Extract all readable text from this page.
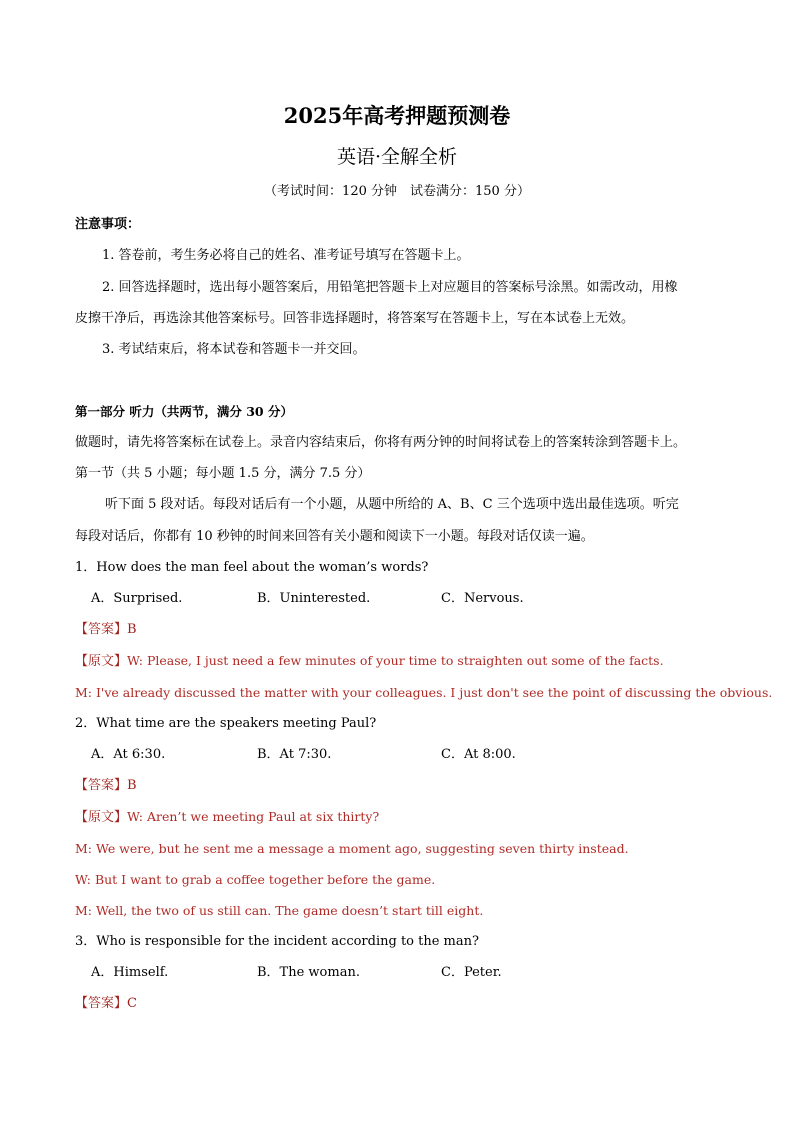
2025年高考押题预测卷
英语·全解全析
（考试时间：120 分钟　试卷满分：150 分）
注意事项：
1. 答卷前，考生务必将自己的姓名、准考证号填写在答题卡上。
2. 回答选择题时，选出每小题答案后，用铅笔把答题卡上对应题目的答案标号涂黑。如需改动，用橡
皮擦干净后，再选涂其他答案标号。回答非选择题时，将答案写在答题卡上，写在本试卷上无效。
3. 考试结束后，将本试卷和答题卡一并交回。
第一部分 听力（共两节，满分 30 分）
做题时，请先将答案标在试卷上。录音内容结束后，你将有两分钟的时间将试卷上的答案转涂到答题卡上。
第一节（共 5 小题；每小题 1.5 分，满分 7.5 分）
听下面 5 段对话。每段对话后有一个小题，从题中所给的 A、B、C 三个选项中选出最佳选项。听完
每段对话后，你都有 10 秒钟的时间来回答有关小题和阅读下一小题。每段对话仅读一遍。
1．How does the man feel about the woman’s words?
A．Surprised.	B．Uninterested.	C．Nervous.
【答案】B
【原文】W: Please, I just need a few minutes of your time to straighten out some of the facts.
M: I've already discussed the matter with your colleagues. I just don't see the point of discussing the obvious.
2．What time are the speakers meeting Paul?
A．At 6:30.	B．At 7:30.	C．At 8:00.
【答案】B
【原文】W: Aren’t we meeting Paul at six thirty?
M: We were, but he sent me a message a moment ago, suggesting seven thirty instead.
W: But I want to grab a coffee together before the game.
M: Well, the two of us still can. The game doesn’t start till eight.
3．Who is responsible for the incident according to the man?
A．Himself.	B．The woman.	C．Peter.
【答案】C
